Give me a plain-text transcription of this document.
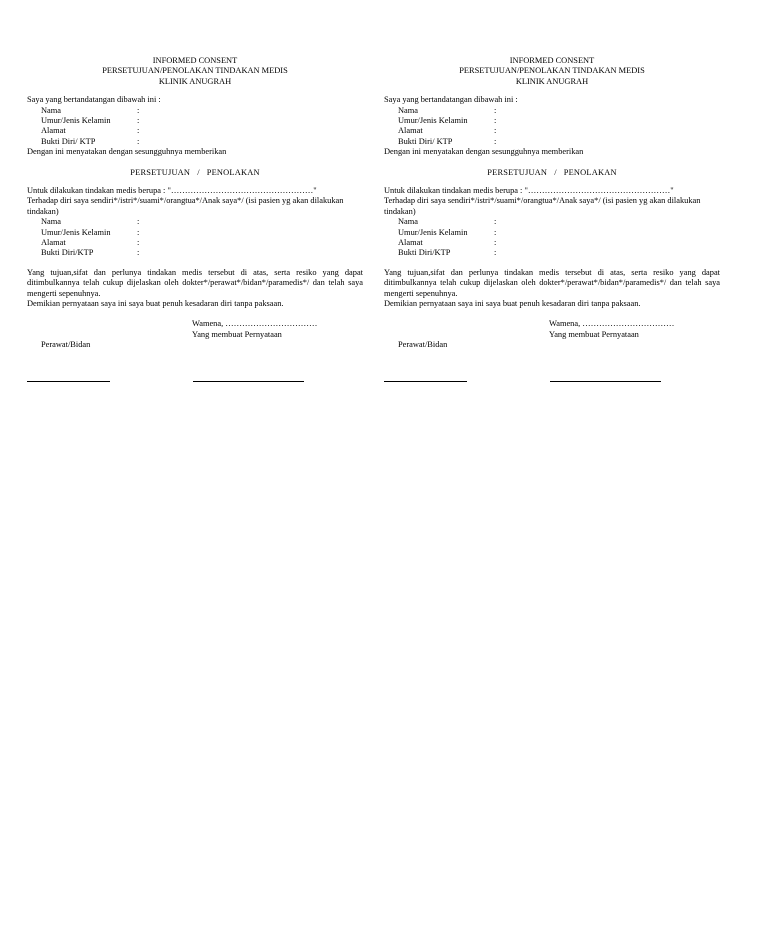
INFORMED CONSENT
PERSETUJUAN/PENOLAKAN TINDAKAN MEDIS
KLINIK ANUGRAH
Saya yang bertandatangan dibawah ini :
Nama	:
Umur/Jenis Kelamin	:
Alamat	:
Bukti Diri/ KTP	:
Dengan ini menyatakan dengan sesungguhnya memberikan
PERSETUJUAN / PENOLAKAN
Untuk dilakukan tindakan medis berupa : "……………………………………………"
Terhadap diri saya sendiri*/istri*/suami*/orangtua*/Anak saya*/ (isi pasien yg akan dilakukan tindakan)
Nama	:
Umur/Jenis Kelamin	:
Alamat	:
Bukti Diri/KTP	:
Yang tujuan,sifat dan perlunya tindakan medis tersebut di atas, serta resiko yang dapat ditimbulkannya telah cukup dijelaskan oleh dokter*/perawat*/bidan*/paramedis*/ dan telah saya mengerti sepenuhnya.
Demikian pernyataan saya ini saya buat penuh kesadaran diri tanpa paksaan.
Wamena, ……………………………
Yang membuat Pernyataan
Perawat/Bidan
INFORMED CONSENT
PERSETUJUAN/PENOLAKAN TINDAKAN MEDIS
KLINIK ANUGRAH
Saya yang bertandatangan dibawah ini :
Nama	:
Umur/Jenis Kelamin	:
Alamat	:
Bukti Diri/ KTP	:
Dengan ini menyatakan dengan sesungguhnya memberikan
PERSETUJUAN / PENOLAKAN
Untuk dilakukan tindakan medis berupa : "……………………………………………"
Terhadap diri saya sendiri*/istri*/suami*/orangtua*/Anak saya*/ (isi pasien yg akan dilakukan tindakan)
Nama	:
Umur/Jenis Kelamin	:
Alamat	:
Bukti Diri/KTP	:
Yang tujuan,sifat dan perlunya tindakan medis tersebut di atas, serta resiko yang dapat ditimbulkannya telah cukup dijelaskan oleh dokter*/perawat*/bidan*/paramedis*/ dan telah saya mengerti sepenuhnya.
Demikian pernyataan saya ini saya buat penuh kesadaran diri tanpa paksaan.
Wamena, ……………………………
Yang membuat Pernyataan
Perawat/Bidan
